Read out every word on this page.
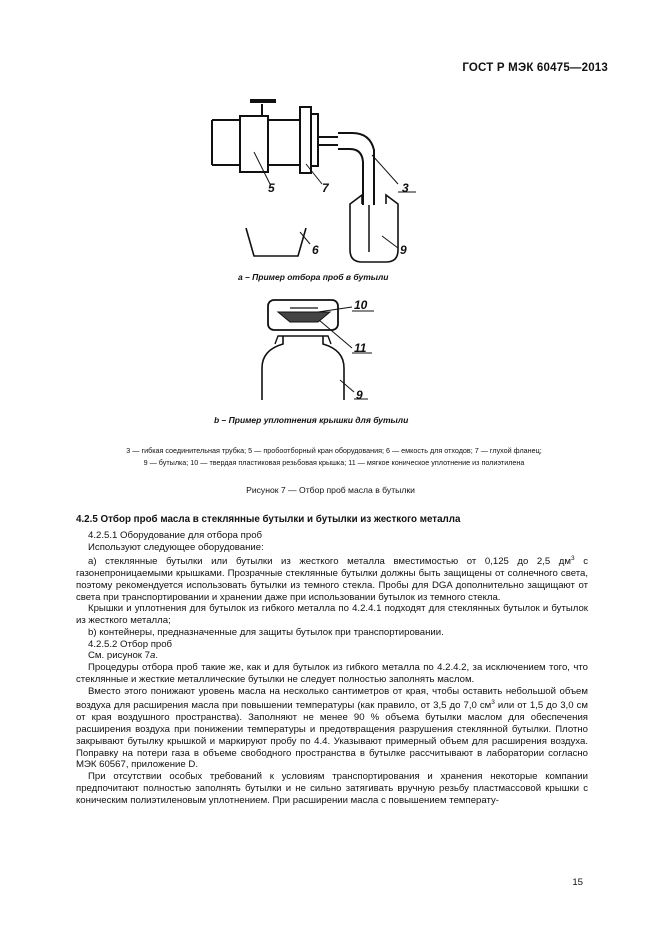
ГОСТ Р МЭК 60475—2013
5	7	3
6	9
10
11
9
а – Пример отбора проб в бутыли
b – Пример уплотнения крышки для бутыли
3 — гибкая соединительная трубка; 5 — пробоотборный кран оборудования; 6 — емкость для отходов; 7 — глухой фланец;
9 — бутылка; 10 — твердая пластиковая резьбовая крышка; 11 — мягкое коническое уплотнение из полиэтилена
Рисунок 7 — Отбор проб масла в бутылки

4.2.5 Отбор проб масла в стеклянные бутылки и бутылки из жесткого металла

4.2.5.1 Оборудование для отбора проб

Используют следующее оборудование:

а) стеклянные бутылки или бутылки из жесткого металла вместимостью от 0,125 до 2,5 $дм^3$ с газонепроницаемыми крышками. Прозрачные стеклянные бутылки должны быть защищены от солнечного света, поэтому рекомендуется использовать бутылки из темного стекла. Пробы для DGA дополнительно защищают от света при транспортировании и хранении даже при использовании бутылок из темного стекла.

Крышки и уплотнения для бутылок из гибкого металла по 4.2.4.1 подходят для стеклянных бутылок и бутылок из жесткого металла;

b) контейнеры, предназначенные для защиты бутылок при транспортировании.

4.2.5.2 Отбор проб

См. рисунок 7а.

Процедуры отбора проб такие же, как и для бутылок из гибкого металла по 4.2.4.2, за исключением того, что стеклянные и жесткие металлические бутылки не следует полностью заполнять маслом.

Вместо этого понижают уровень масла на несколько сантиметров от края, чтобы оставить небольшой объем воздуха для расширения масла при повышении температуры (как правило, от 3,5 до 7,0 $см^3$ или от 1,5 до 3,0 см от края воздушного пространства). Заполняют не менее 90 % объема бутылки маслом для обеспечения расширения воздуха при понижении температуры и предотвращения разрушения стеклянной бутылки. Плотно закрывают бутылку крышкой и маркируют пробу по 4.4. Указывают примерный объем для расширения воздуха. Поправку на потери газа в объеме свободного пространства в бутылке рассчитывают в лаборатории согласно МЭК 60567, приложение D.

При отсутствии особых требований к условиям транспортирования и хранения некоторые компании предпочитают полностью заполнять бутылки и не сильно затягивать вручную резьбу пластмассовой крышки с коническим полиэтиленовым уплотнением. При расширении масла с повышением температу-

15
